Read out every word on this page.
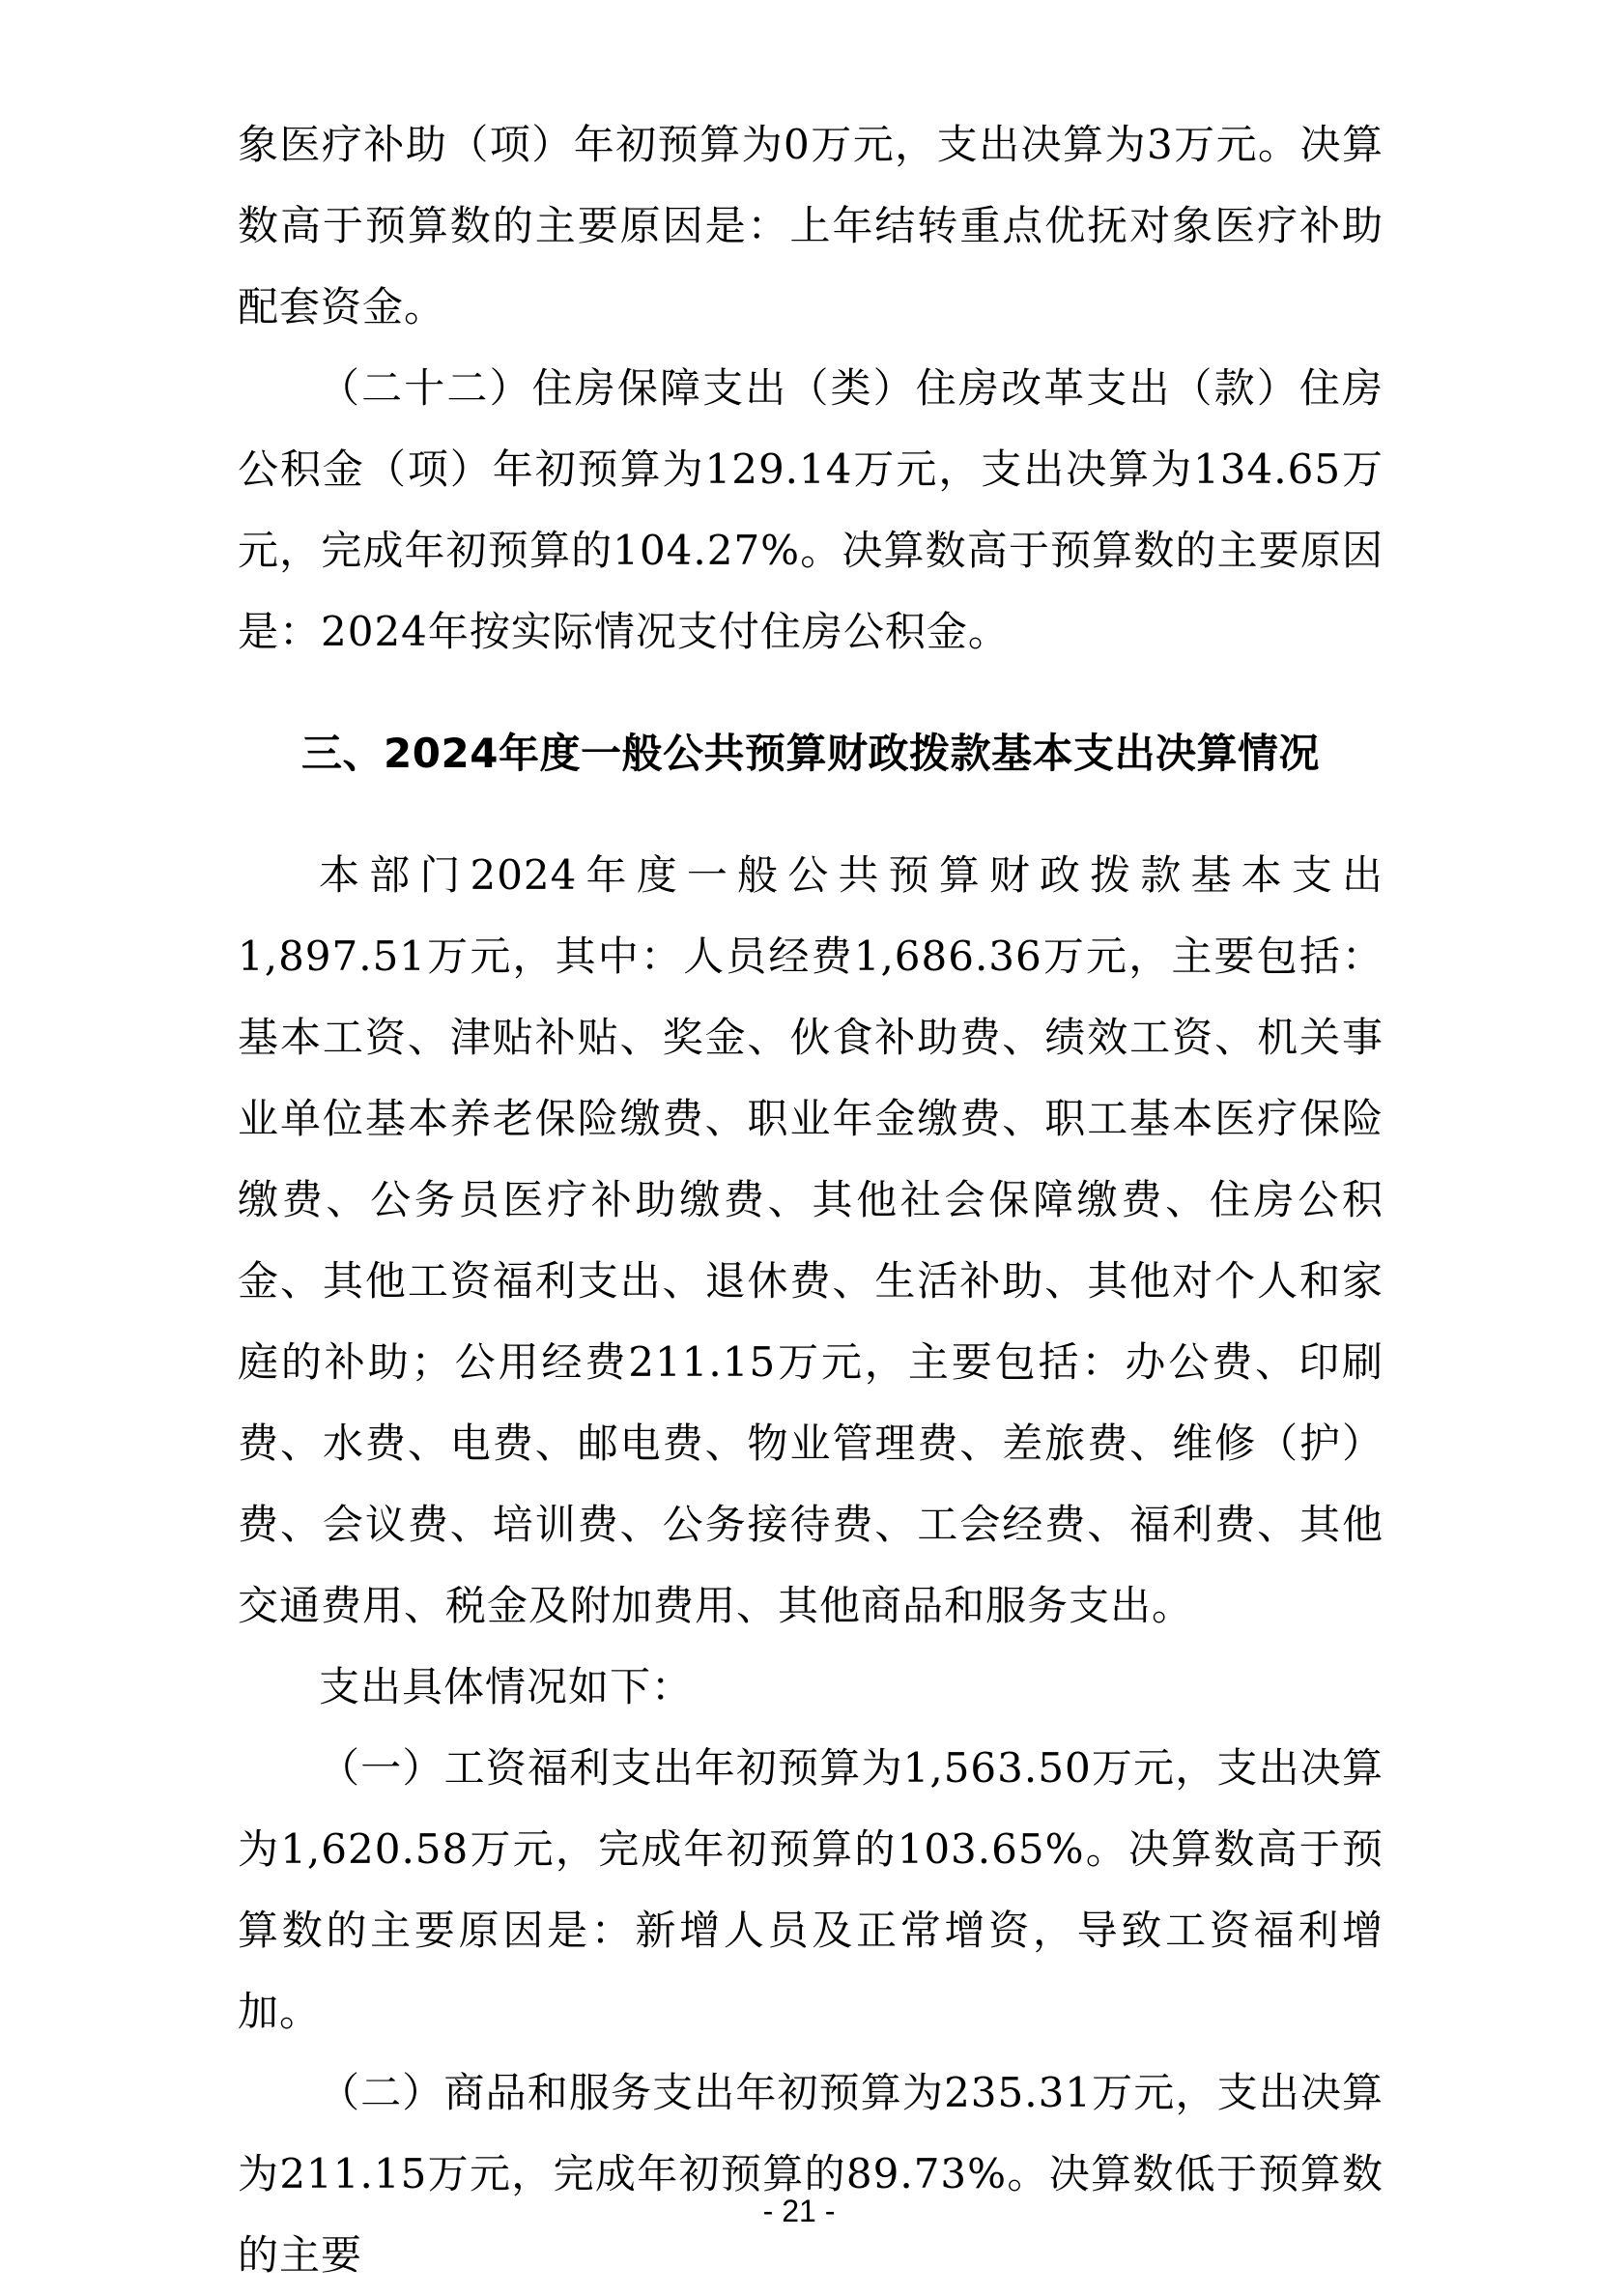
象医疗补助（项）年初预算为0万元，支出决算为3万元。决算数高于预算数的主要原因是：上年结转重点优抚对象医疗补助配套资金。

（二十二）住房保障支出（类）住房改革支出（款）住房公积金（项）年初预算为129.14万元，支出决算为134.65万元，完成年初预算的104.27%。决算数高于预算数的主要原因是：2024年按实际情况支付住房公积金。

三、2024年度一般公共预算财政拨款基本支出决算情况

本部门2024年度一般公共预算财政拨款基本支出1,897.51万元，其中：人员经费1,686.36万元，主要包括：基本工资、津贴补贴、奖金、伙食补助费、绩效工资、机关事业单位基本养老保险缴费、职业年金缴费、职工基本医疗保险缴费、公务员医疗补助缴费、其他社会保障缴费、住房公积金、其他工资福利支出、退休费、生活补助、其他对个人和家庭的补助；公用经费211.15万元，主要包括：办公费、印刷费、水费、电费、邮电费、物业管理费、差旅费、维修（护）费、会议费、培训费、公务接待费、工会经费、福利费、其他交通费用、税金及附加费用、其他商品和服务支出。

支出具体情况如下：

（一）工资福利支出年初预算为1,563.50万元，支出决算为1,620.58万元，完成年初预算的103.65%。决算数高于预算数的主要原因是：新增人员及正常增资，导致工资福利增加。

（二）商品和服务支出年初预算为235.31万元，支出决算为211.15万元，完成年初预算的89.73%。决算数低于预算数的主要

- 21 -
